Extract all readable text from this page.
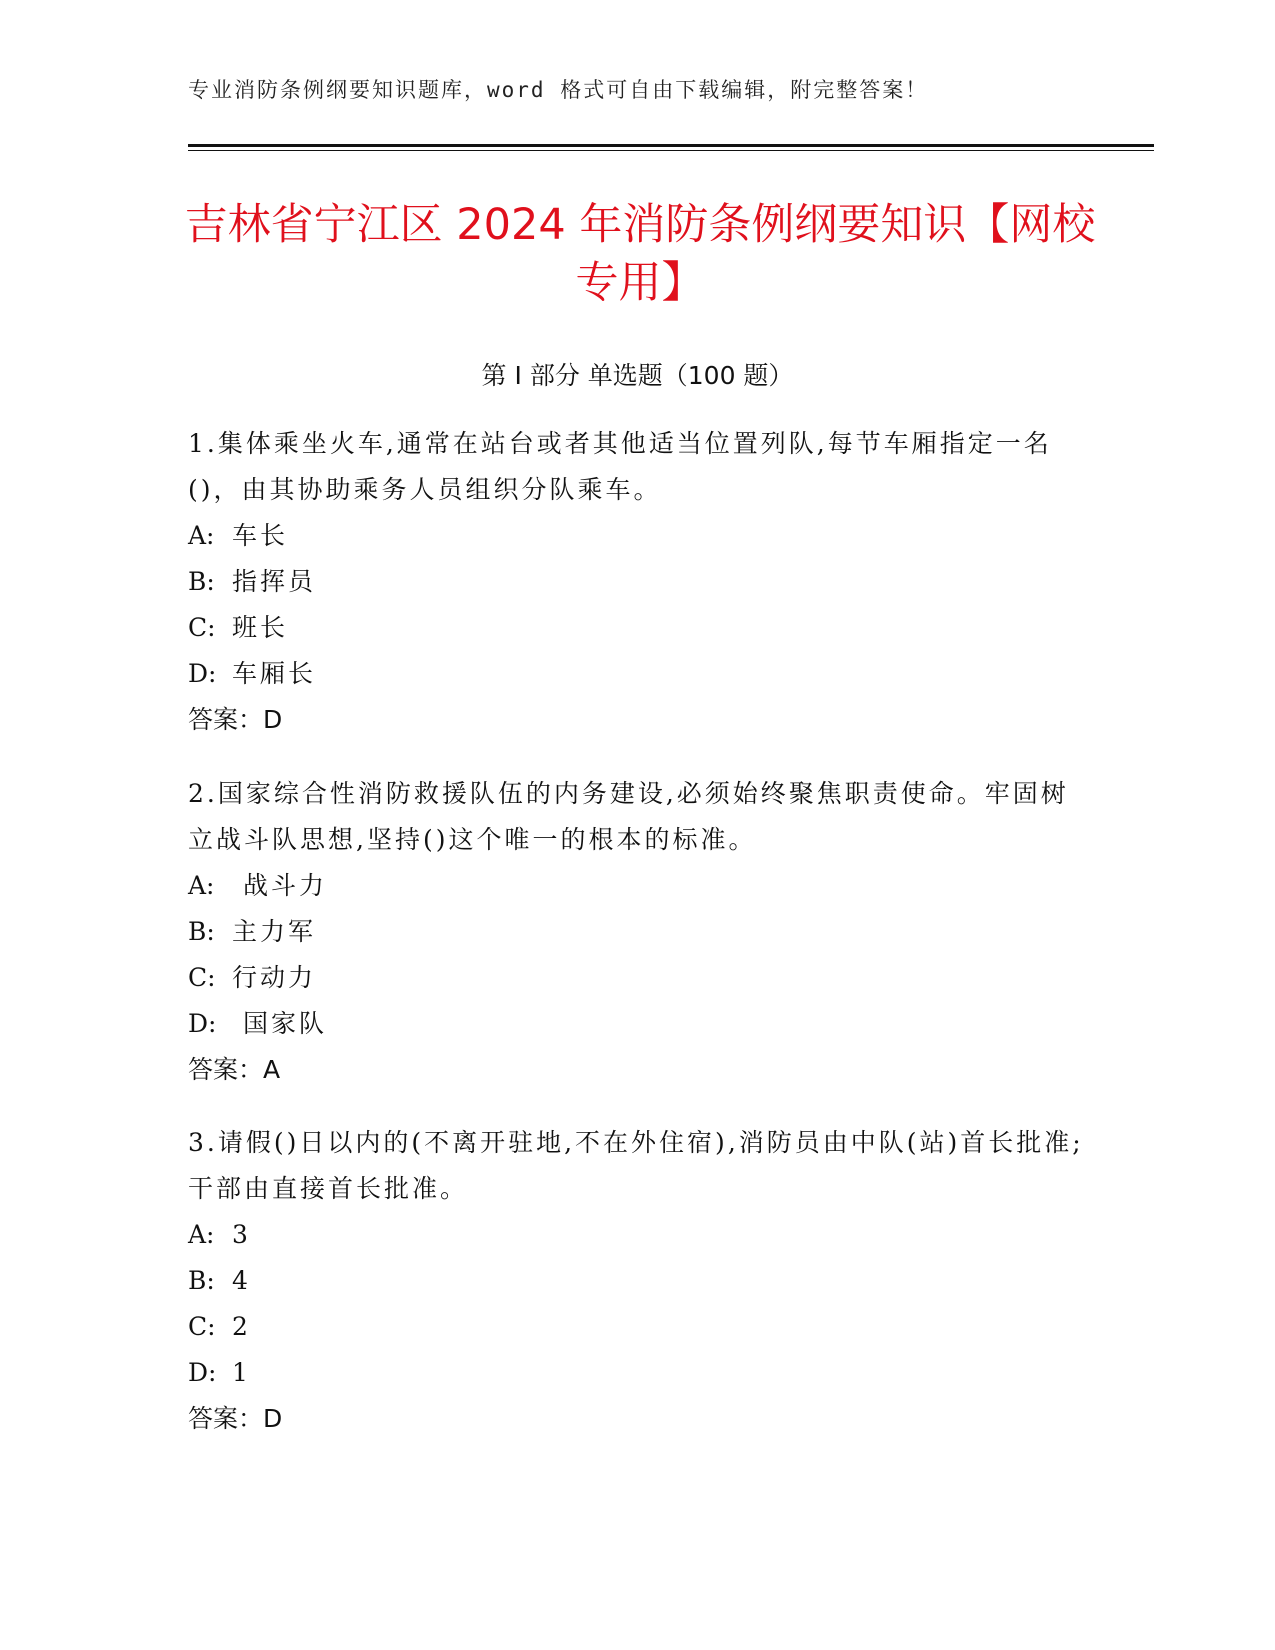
专业消防条例纲要知识题库，word 格式可自由下载编辑，附完整答案！
吉林省宁江区 2024 年消防条例纲要知识【网校专用】
第 I 部分 单选题（100 题）

1.集体乘坐火车,通常在站台或者其他适当位置列队,每节车厢指定一名()，由其协助乘务人员组织分队乘车。

A: 车长

B: 指挥员

C: 班长

D: 车厢长

答案：D

2.国家综合性消防救援队伍的内务建设,必须始终聚焦职责使命。牢固树立战斗队思想,坚持()这个唯一的根本的标准。

A: 战斗力

B: 主力军

C: 行动力

D: 国家队

答案：A

3.请假()日以内的(不离开驻地,不在外住宿),消防员由中队(站)首长批准;干部由直接首长批准。

A: 3

B: 4

C: 2

D: 1

答案：D
